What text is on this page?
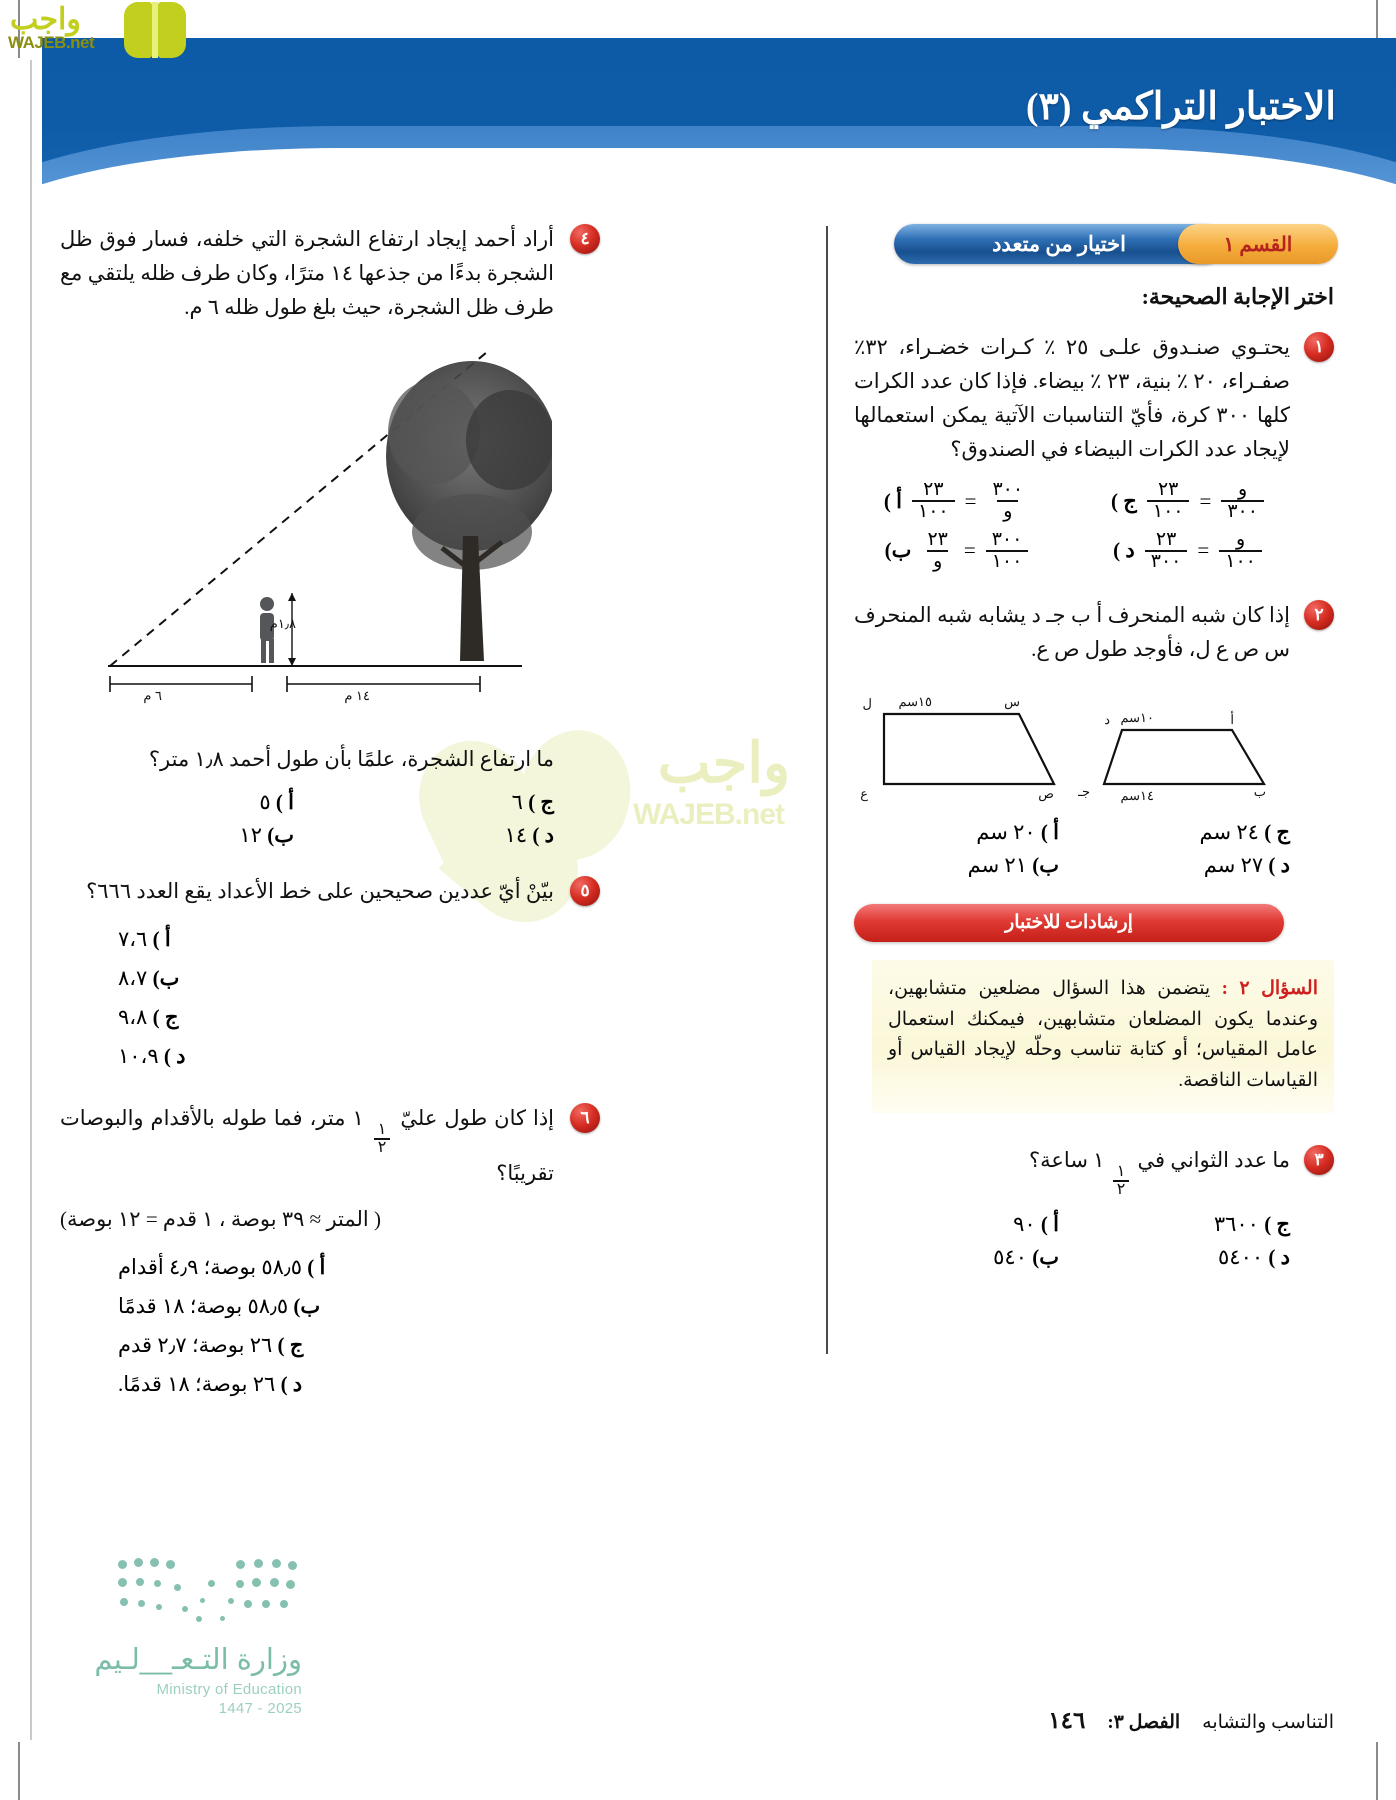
الاختبار التراكمي (٣)
واجب
WAJEB.net
واجب
WAJEB.net
اختيار من متعدد	القسم ١

اختر الإجابة الصحيحة:

١
يحتـوي صنـدوق علـى ٢٥ ٪ كـرات خضـراء، ٣٢٪ صفـراء، ٢٠ ٪ بنية، ٢٣ ٪ بيضاء. فإذا كان عدد الكرات كلها ٣٠٠ كرة، فأيّ التناسبات الآتية يمكن استعمالها لإيجاد عدد الكرات البيضاء في الصندوق؟
$\frac{\text{و}}{٣٠٠}$
=
$\frac{٢٣}{١٠٠}$
ج )
$\frac{٣٠٠}{\text{و}}$
=
$\frac{٢٣}{١٠٠}$
أ )
$\frac{\text{و}}{١٠٠}$
=
$\frac{٢٣}{٣٠٠}$
د )
$\frac{٣٠٠}{١٠٠}$
=
$\frac{٢٣}{\text{و}}$
ب)
٢
إذا كان شبه المنحرف أ ب جـ د يشابه شبه المنحرف س ص ع ل، فأوجد طول ص ع.
س
ل
ع	ص
١٥سم
أ
ب
جـ
د ١٠سم
١٤سم
ج ) ٢٤ سم
أ ) ٢٠ سم
د ) ٢٧ سم
ب) ٢١ سم
إرشادات للاختبار
السؤال ٢ : يتضمن هذا السؤال مضلعين متشابهين، وعندما يكون المضلعان متشابهين، فيمكنك استعمال عامل المقياس؛ أو كتابة تناسب وحلّه لإيجاد القياس أو القياسات الناقصة.
٣
ما عدد الثواني في
$\frac{١}{٢}$
١ ساعة؟
ج ) ٣٦٠٠
أ ) ٩٠
د ) ٥٤٠٠
ب) ٥٤٠
٤
أراد أحمد إيجاد ارتفاع الشجرة التي خلفه، فسار فوق ظل الشجرة بدءًا من جذعها ١٤ مترًا، وكان طرف ظله يلتقي مع طرف ظل الشجرة، حيث بلغ طول ظله ٦ م.
١٫٨م
٦ م	١٤ م
ما ارتفاع الشجرة، علمًا بأن طول أحمد ١٫٨ متر؟
ج ) ٦
أ ) ٥
د ) ١٤
ب) ١٢
٥
بيّنْ أيّ عددين صحيحين على خط الأعداد يقع العدد ٦٦٦؟
أ ) ٧،٦
ب) ٨،٧
ج ) ٩،٨
د ) ١٠،٩
٦
إذا كان طول عليّ
$\frac{١}{٢}$
١ متر، فما طوله بالأقدام والبوصات تقريبًا؟
( المتر ≈ ٣٩ بوصة ، ١ قدم = ١٢ بوصة)
أ ) ٥٨٫٥ بوصة؛ ٤٫٩ أقدام
ب) ٥٨٫٥ بوصة؛ ١٨ قدمًا
ج ) ٢٦ بوصة؛ ٢٫٧ قدم
د ) ٢٦ بوصة؛ ١٨ قدمًا.
وزارة التـعـ__لـيم
Ministry of Education
2025 - 1447
التناسب والتشابه
الفصل ٣:
١٤٦
